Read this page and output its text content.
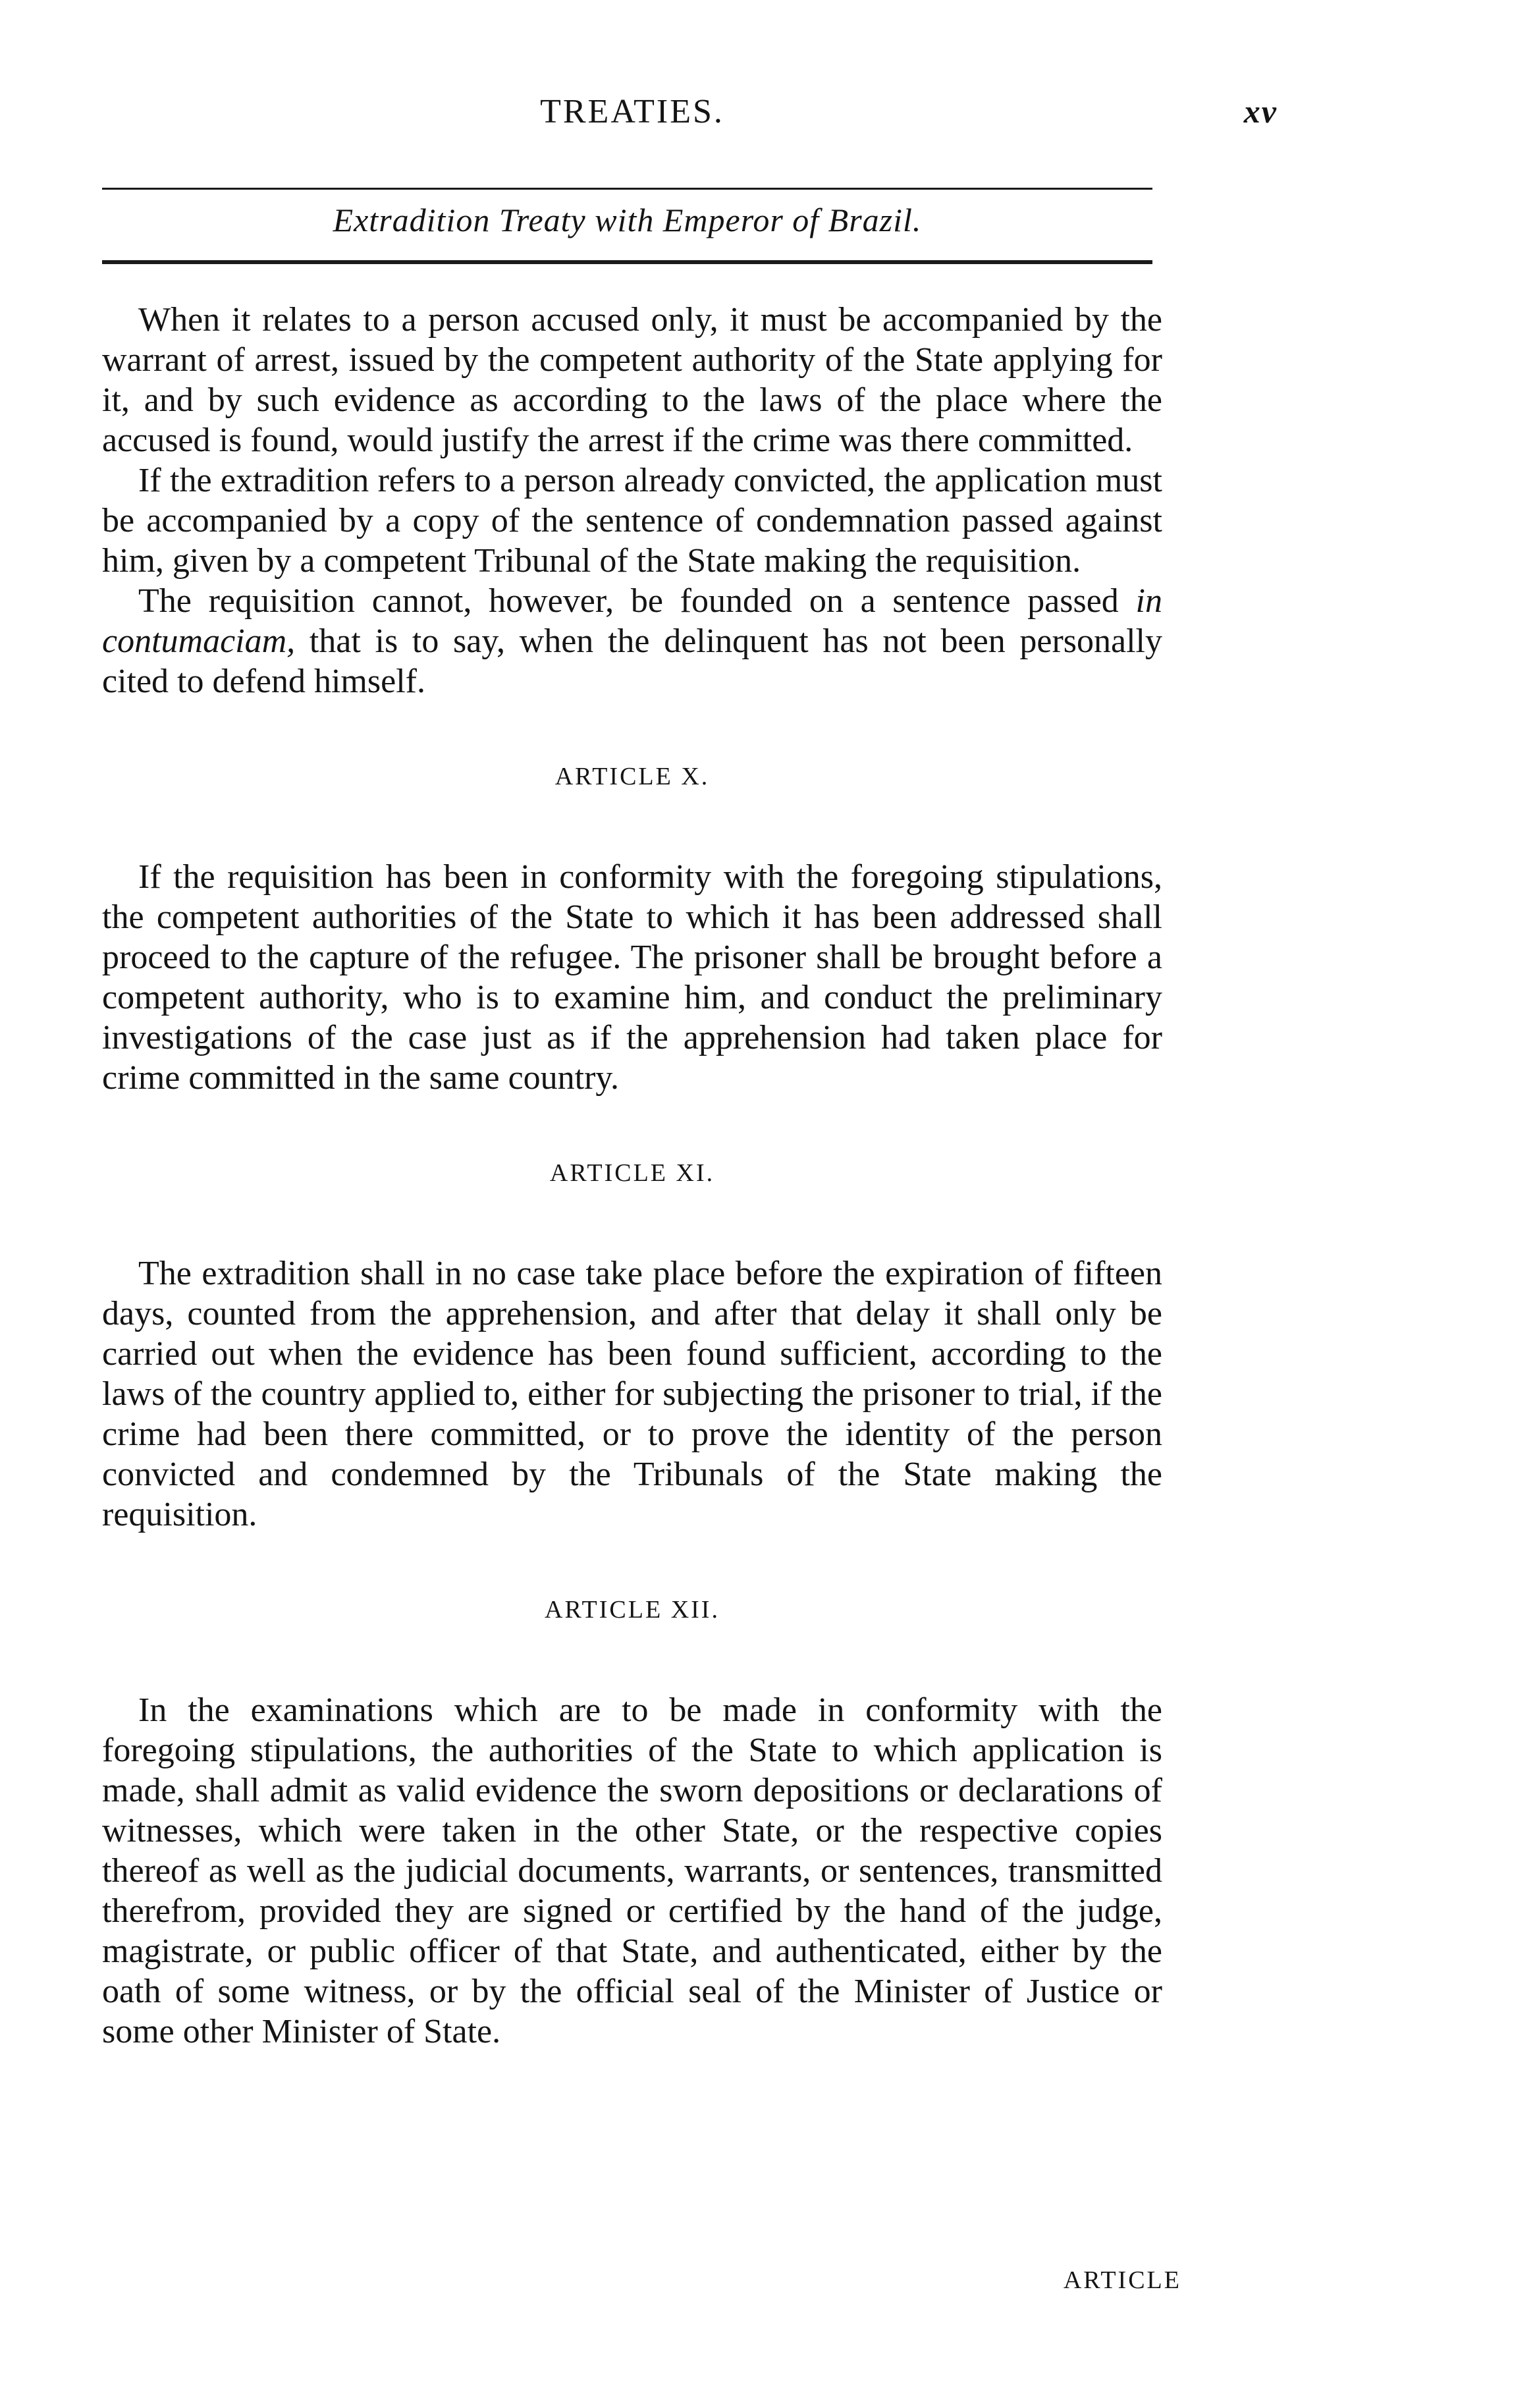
TREATIES.	xv
Extradition Treaty with Emperor of Brazil.

When it relates to a person accused only, it must be accompanied by the warrant of arrest, issued by the competent authority of the State applying for it, and by such evidence as according to the laws of the place where the accused is found, would justify the arrest if the crime was there committed.

If the extradition refers to a person already convicted, the application must be accompanied by a copy of the sentence of condemnation passed against him, given by a competent Tribunal of the State making the requisition.

The requisition cannot, however, be founded on a sentence passed in contumaciam, that is to say, when the delinquent has not been personally cited to defend himself.

ARTICLE X.

If the requisition has been in conformity with the foregoing stipulations, the competent authorities of the State to which it has been addressed shall proceed to the capture of the refugee. The prisoner shall be brought before a competent authority, who is to examine him, and conduct the preliminary investigations of the case just as if the apprehension had taken place for crime committed in the same country.

ARTICLE XI.

The extradition shall in no case take place before the expiration of fifteen days, counted from the apprehension, and after that delay it shall only be carried out when the evidence has been found sufficient, according to the laws of the country applied to, either for subjecting the prisoner to trial, if the crime had been there committed, or to prove the identity of the person convicted and condemned by the Tribunals of the State making the requisition.

ARTICLE XII.

In the examinations which are to be made in conformity with the foregoing stipulations, the authorities of the State to which application is made, shall admit as valid evidence the sworn depositions or declarations of witnesses, which were taken in the other State, or the respective copies thereof as well as the judicial documents, warrants, or sentences, transmitted therefrom, provided they are signed or certified by the hand of the judge, magistrate, or public officer of that State, and authenticated, either by the oath of some witness, or by the official seal of the Minister of Justice or some other Minister of State.

ARTICLE
